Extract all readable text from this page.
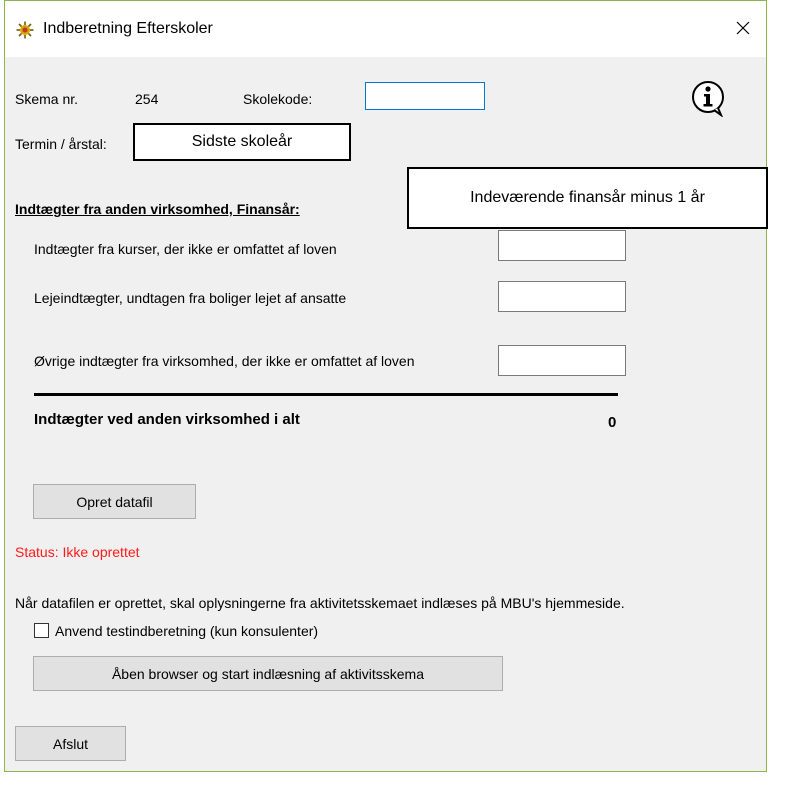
Indberetning Efterskoler
Skema nr.	254	Skolekode:
Termin / årstal:	Sidste skoleår
Indeværende finansår minus 1 år
Indtægter fra anden virksomhed, Finansår:
Indtægter fra kurser, der ikke er omfattet af loven
Lejeindtægter, undtagen fra boliger lejet af ansatte
Øvrige indtægter fra virksomhed, der ikke er omfattet af loven
Indtægter ved anden virksomhed i alt	0
Opret datafil
Status: Ikke oprettet
Når datafilen er oprettet, skal oplysningerne fra aktivitetsskemaet indlæses på MBU's hjemmeside.
Anvend testindberetning (kun konsulenter)
Åben browser og start indlæsning af aktivitsskema
Afslut
